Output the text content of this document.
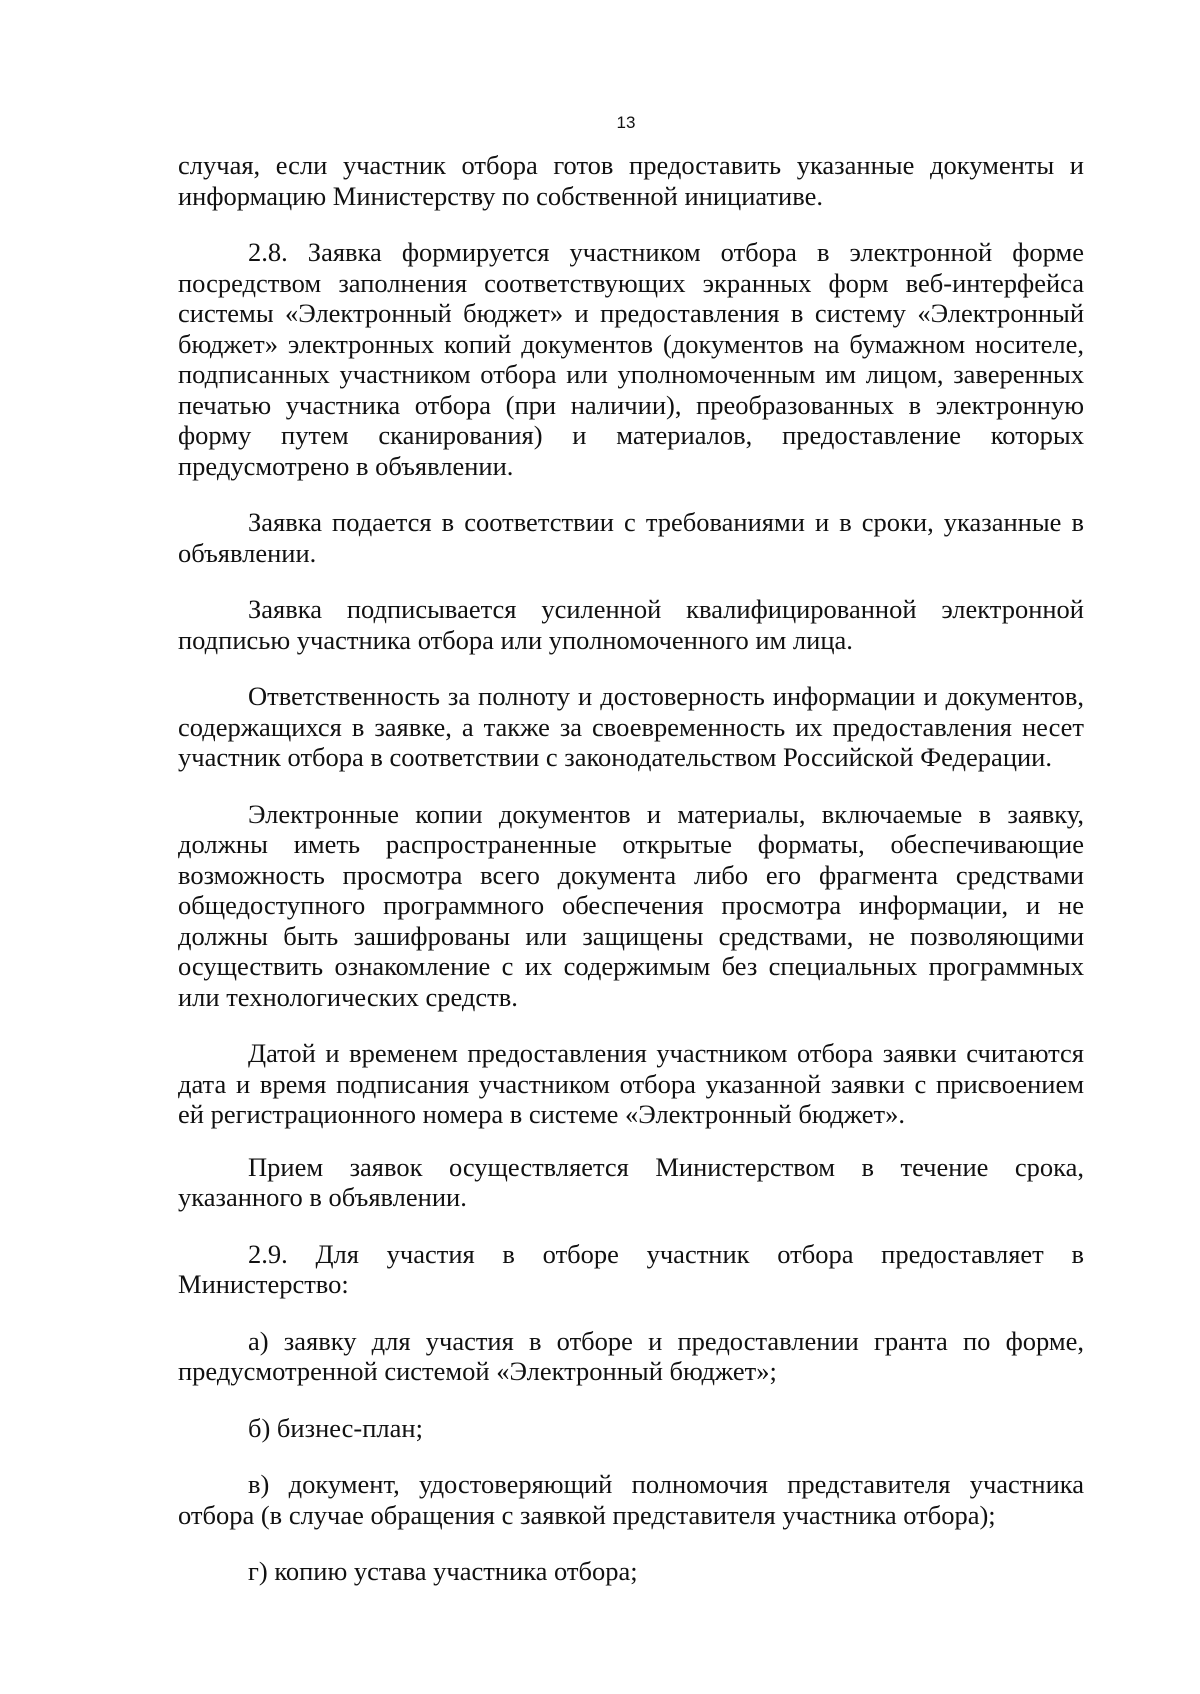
13

случая, если участник отбора готов предоставить указанные документы и информацию Министерству по собственной инициативе.

2.8. Заявка формируется участником отбора в электронной форме посредством заполнения соответствующих экранных форм веб-интерфейса системы «Электронный бюджет» и предоставления в систему «Электронный бюджет» электронных копий документов (документов на бумажном носителе, подписанных участником отбора или уполномоченным им лицом, заверенных печатью участника отбора (при наличии), преобразованных в электронную форму путем сканирования) и материалов, предоставление которых предусмотрено в объявлении.

Заявка подается в соответствии с требованиями и в сроки, указанные в объявлении.

Заявка подписывается усиленной квалифицированной электронной подписью участника отбора или уполномоченного им лица.

Ответственность за полноту и достоверность информации и документов, содержащихся в заявке, а также за своевременность их предоставления несет участник отбора в соответствии с законодательством Российской Федерации.

Электронные копии документов и материалы, включаемые в заявку, должны иметь распространенные открытые форматы, обеспечивающие возможность просмотра всего документа либо его фрагмента средствами общедоступного программного обеспечения просмотра информации, и не должны быть зашифрованы или защищены средствами, не позволяющими осуществить ознакомление с их содержимым без специальных программных или технологических средств.

Датой и временем предоставления участником отбора заявки считаются дата и время подписания участником отбора указанной заявки с присвоением ей регистрационного номера в системе «Электронный бюджет».

Прием заявок осуществляется Министерством в течение срока, указанного в объявлении.

2.9. Для участия в отборе участник отбора предоставляет в Министерство:

а) заявку для участия в отборе и предоставлении гранта по форме, предусмотренной системой «Электронный бюджет»;

б) бизнес-план;

в) документ, удостоверяющий полномочия представителя участника отбора (в случае обращения с заявкой представителя участника отбора);

г) копию устава участника отбора;
